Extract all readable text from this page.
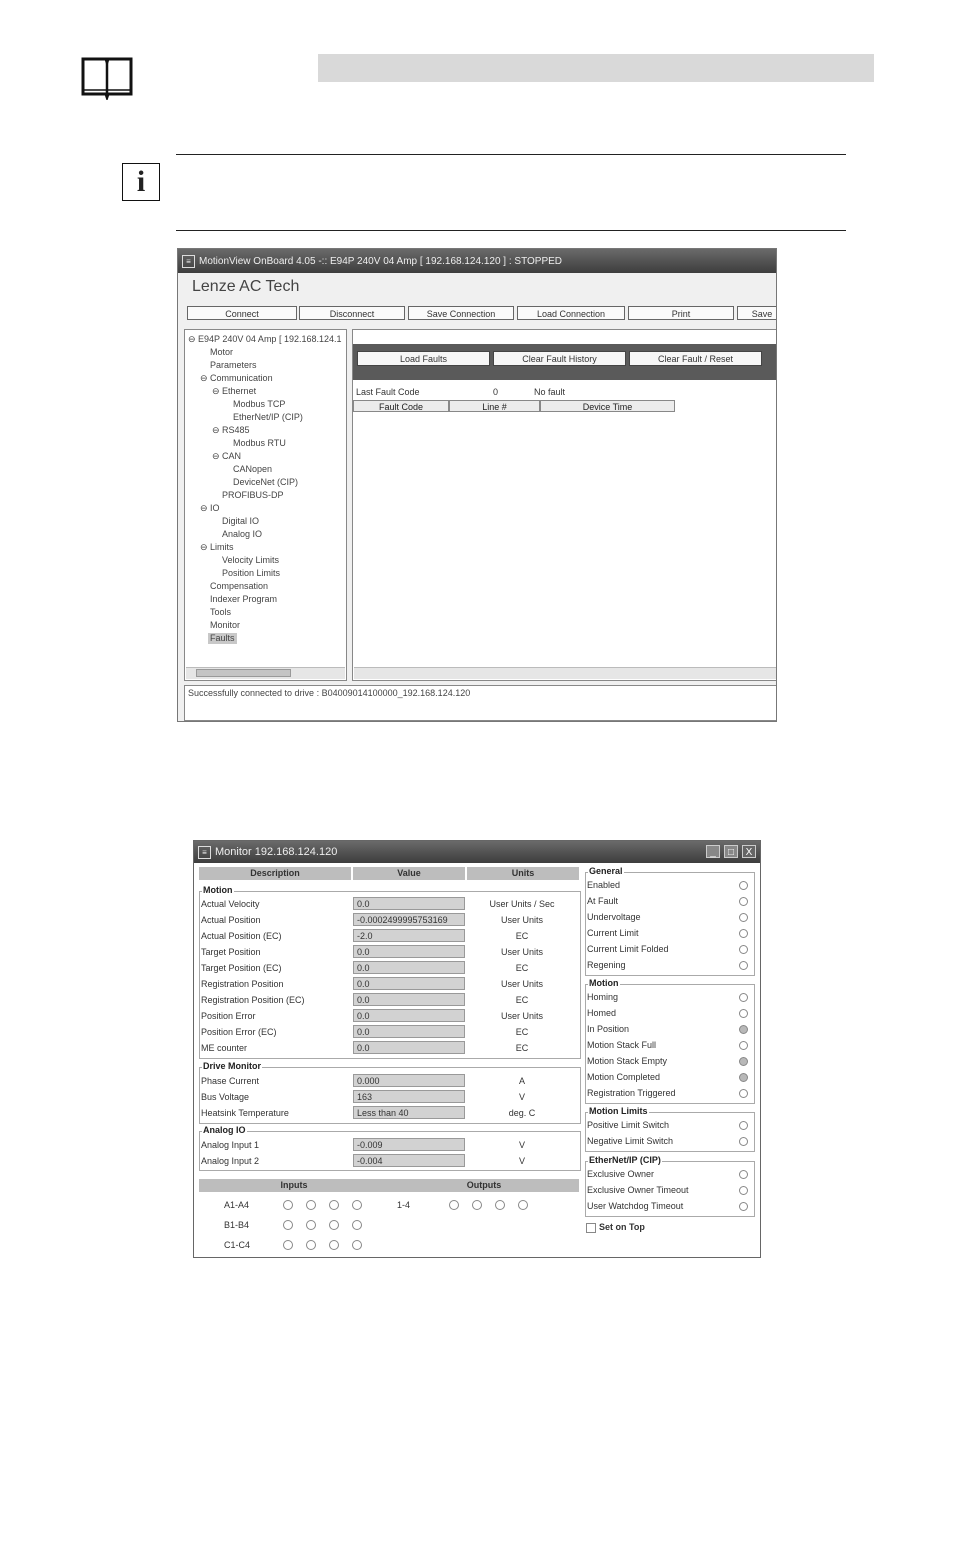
i
≡ MotionView OnBoard 4.05 -:: E94P 240V 04 Amp [ 192.168.124.120 ] : STOPPED
Lenze AC Tech
Connect	Disconnect	Save Connection	Load Connection	Print	Save
⊖ E94P 240V 04 Amp [ 192.168.124.1
Motor
Parameters
⊖ Communication
⊖ Ethernet
Modbus TCP
EtherNet/IP (CIP)
⊖ RS485
Modbus RTU
⊖ CAN
CANopen
DeviceNet (CIP)
PROFIBUS-DP
⊖ IO
Digital IO
Analog IO
⊖ Limits
Velocity Limits
Position Limits
Compensation
Indexer Program
Tools
Monitor
Faults
Load Faults	Clear Fault History	Clear Fault / Reset
Last Fault Code	0	No fault
Fault Code	Line #	Device Time
Successfully connected to drive : B04009014100000_192.168.124.120
≡ Monitor 192.168.124.120	_	□	X
Description	Value	Units
Motion
Drive Monitor
Analog IO
Inputs	Outputs
General
Motion
Motion Limits
EtherNet/IP (CIP)
Set on Top
Actual Velocity	0.0	User Units / Sec
Actual Position	-0.0002499995753169	User Units
Actual Position (EC)	-2.0	EC
Target Position	0.0	User Units
Target Position (EC)	0.0	EC
Registration Position	0.0	User Units
Registration Position (EC)	0.0	EC
Position Error	0.0	User Units
Position Error (EC)	0.0	EC
ME counter	0.0	EC
Phase Current	0.000	A
Bus Voltage	163	V
Heatsink Temperature	Less than 40	deg. C
Analog Input 1	-0.009	V
Analog Input 2	-0.004	V
A1-A4
B1-B4
C1-C4
1-4
Enabled
At Fault
Undervoltage
Current Limit
Current Limit Folded
Regening
Homing
Homed
In Position
Motion Stack Full
Motion Stack Empty
Motion Completed
Registration Triggered
Positive Limit Switch
Negative Limit Switch
Exclusive Owner
Exclusive Owner Timeout
User Watchdog Timeout
